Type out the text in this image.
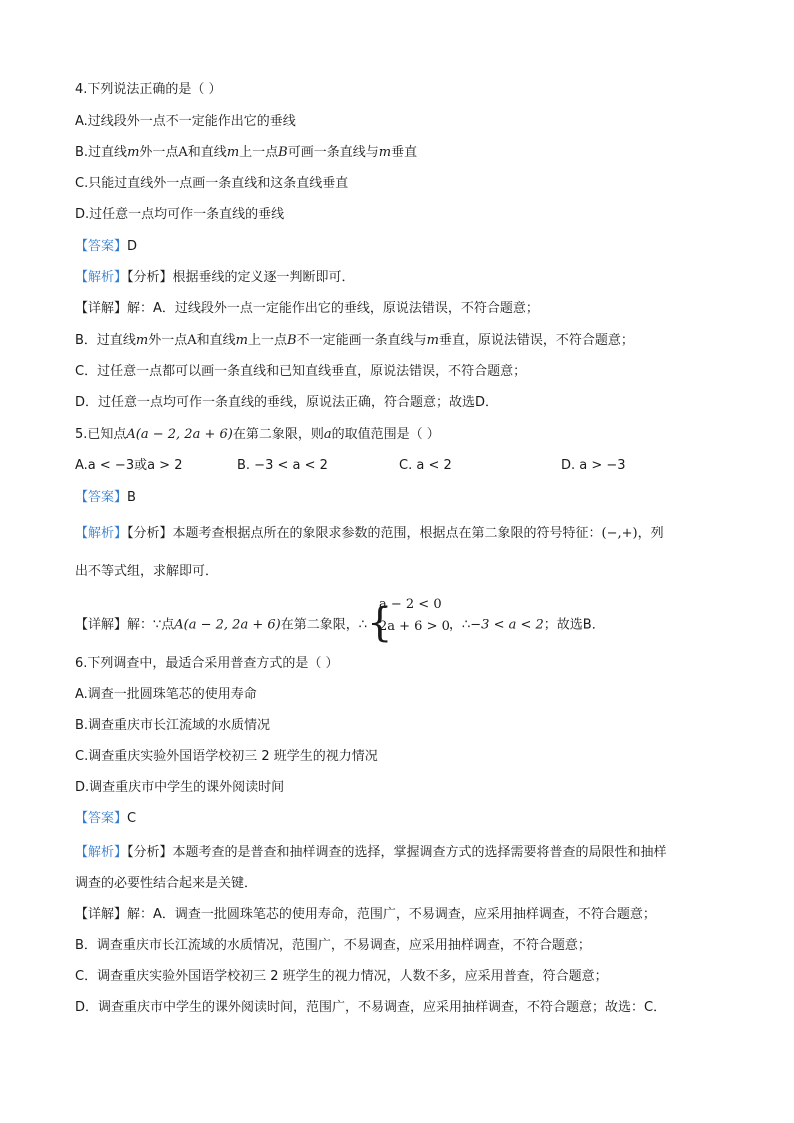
4.下列说法正确的是（ ）
A.过线段外一点不一定能作出它的垂线
B.过直线m外一点A和直线m上一点B可画一条直线与m垂直
C.只能过直线外一点画一条直线和这条直线垂直
D.过任意一点均可作一条直线的垂线
【答案】D
【解析】【分析】根据垂线的定义逐一判断即可．
【详解】解：A．过线段外一点一定能作出它的垂线，原说法错误，不符合题意；
B．过直线m外一点A和直线m上一点B不一定能画一条直线与m垂直，原说法错误，不符合题意；
C．过任意一点都可以画一条直线和已知直线垂直，原说法错误，不符合题意；
D．过任意一点均可作一条直线的垂线，原说法正确，符合题意；故选D．
5.已知点A(a − 2, 2a + 6)在第二象限，则a的取值范围是（ ）
A.a < −3或a > 2	B. −3 < a < 2	C. a < 2	D. a > −3
【答案】B
【解析】【分析】本题考查根据点所在的象限求参数的范围，根据点在第二象限的符号特征：(−,+)，列
出不等式组，求解即可．
【详解】解：∵点A(a − 2, 2a + 6)在第二象限，∴ {
a − 2 < 0
2a + 6 > 0 ，∴−3 < a < 2；故选B．
6.下列调查中，最适合采用普查方式的是（ ）
A.调查一批圆珠笔芯的使用寿命
B.调查重庆市长江流域的水质情况
C.调查重庆实验外国语学校初三 2 班学生的视力情况
D.调查重庆市中学生的课外阅读时间
【答案】C
【解析】【分析】本题考查的是普查和抽样调查的选择，掌握调查方式的选择需要将普查的局限性和抽样
调查的必要性结合起来是关键．
【详解】解：A．调查一批圆珠笔芯的使用寿命，范围广，不易调查，应采用抽样调查，不符合题意；
B．调查重庆市长江流域的水质情况，范围广，不易调查，应采用抽样调查，不符合题意；
C．调查重庆实验外国语学校初三 2 班学生的视力情况，人数不多，应采用普查，符合题意；
D．调查重庆市中学生的课外阅读时间，范围广，不易调查，应采用抽样调查，不符合题意；故选：C．
